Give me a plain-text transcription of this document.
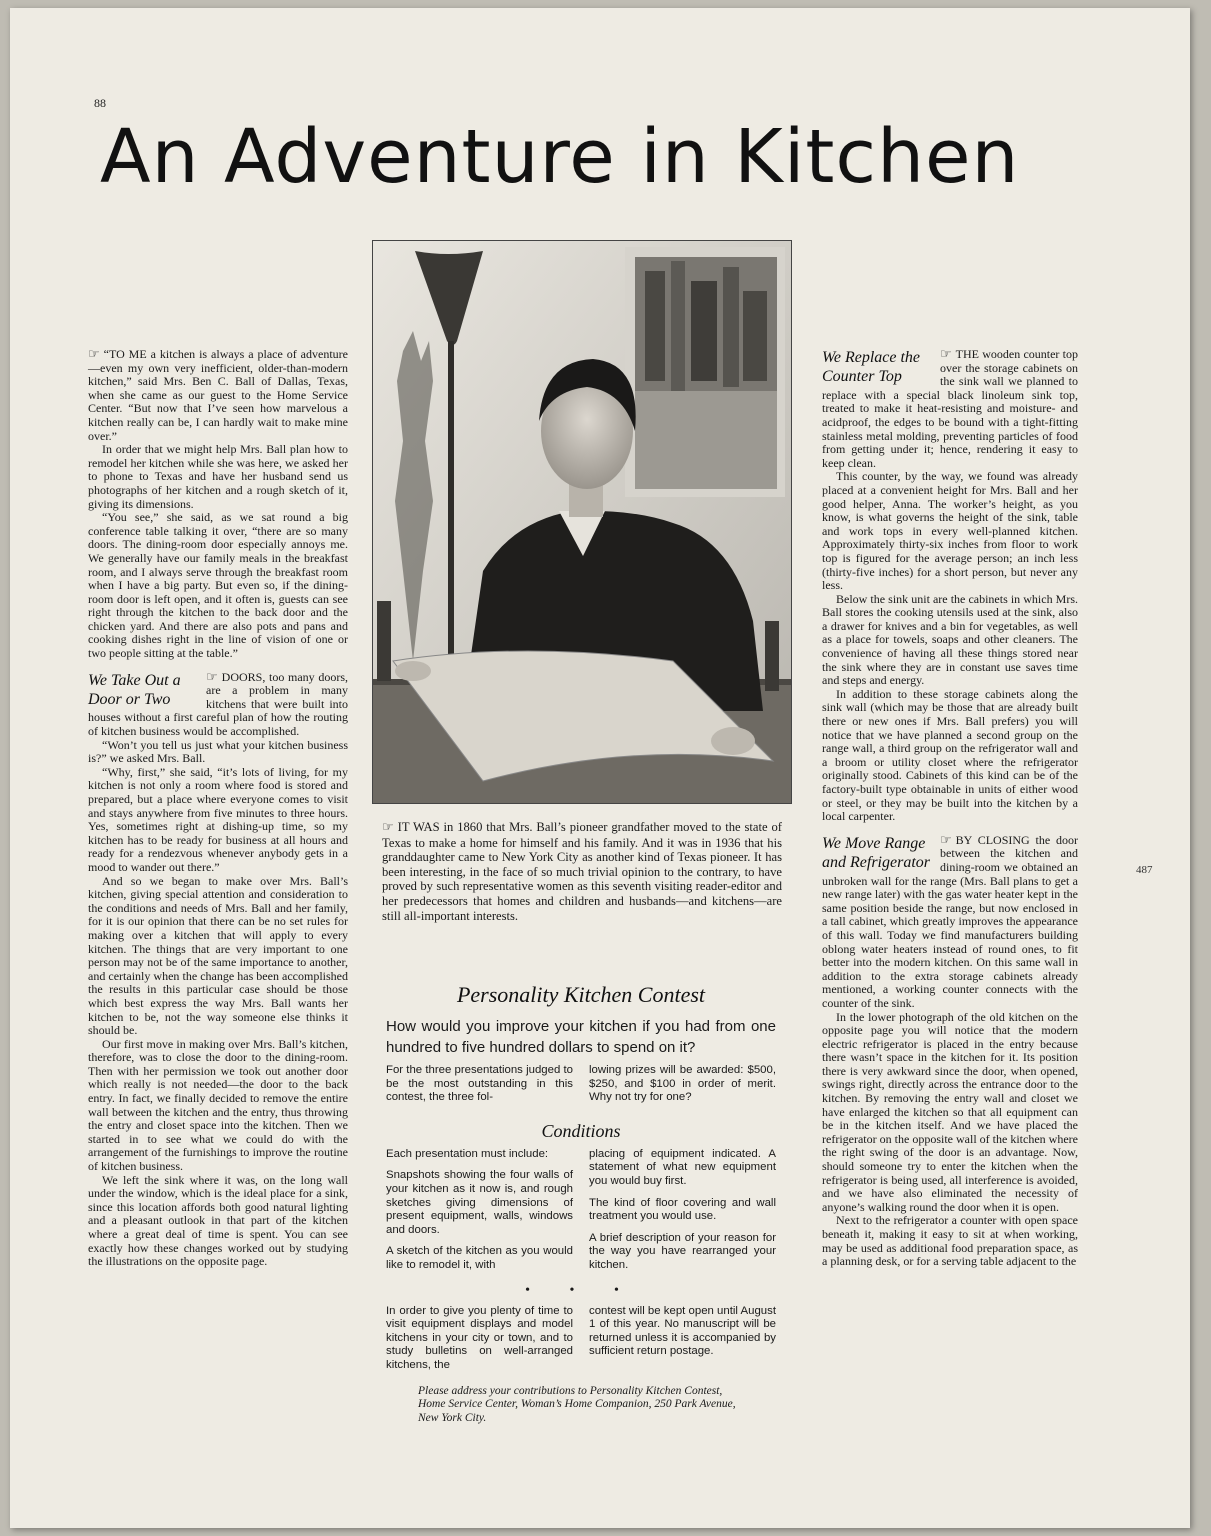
88
487

An Adventure in Kitchen

☞ “TO ME a kitchen is always a place of adventure—even my own very inefficient, older-than-modern kitchen,” said Mrs. Ben C. Ball of Dallas, Texas, when she came as our guest to the Home Service Center. “But now that I’ve seen how marvelous a kitchen really can be, I can hardly wait to make mine over.”

In order that we might help Mrs. Ball plan how to remodel her kitchen while she was here, we asked her to phone to Texas and have her husband send us photographs of her kitchen and a rough sketch of it, giving its dimensions.

“You see,” she said, as we sat round a big conference table talking it over, “there are so many doors. The dining-room door especially annoys me. We generally have our family meals in the breakfast room, and I always serve through the breakfast room when I have a big party. But even so, if the dining-room door is left open, and it often is, guests can see right through the kitchen to the back door and the chicken yard. And there are also pots and pans and cooking dishes right in the line of vision of one or two people sitting at the table.”

We Take Out a Door or Two

☞ DOORS, too many doors, are a problem in many kitchens that were built into houses without a first careful plan of how the routing of kitchen business would be accomplished.

“Won’t you tell us just what your kitchen business is?” we asked Mrs. Ball.

“Why, first,” she said, “it’s lots of living, for my kitchen is not only a room where food is stored and prepared, but a place where everyone comes to visit and stays anywhere from five minutes to three hours. Yes, sometimes right at dishing-up time, so my kitchen has to be ready for business at all hours and ready for a rendezvous whenever anybody gets in a mood to wander out there.”

And so we began to make over Mrs. Ball’s kitchen, giving special attention and consideration to the conditions and needs of Mrs. Ball and her family, for it is our opinion that there can be no set rules for making over a kitchen that will apply to every kitchen. The things that are very important to one person may not be of the same importance to another, and certainly when the change has been accomplished the results in this particular case should be those which best express the way Mrs. Ball wants her kitchen to be, not the way someone else thinks it should be.

Our first move in making over Mrs. Ball’s kitchen, therefore, was to close the door to the dining-room. Then with her permission we took out another door which really is not needed—the door to the back entry. In fact, we finally decided to remove the entire wall between the kitchen and the entry, thus throwing the entry and closet space into the kitchen. Then we started in to see what we could do with the arrangement of the furnishings to improve the routine of kitchen business.

We left the sink where it was, on the long wall under the window, which is the ideal place for a sink, since this location affords both good natural lighting and a pleasant outlook in that part of the kitchen where a great deal of time is spent. You can see exactly how these changes worked out by studying the illustrations on the opposite page.

☞ IT WAS in 1860 that Mrs. Ball’s pioneer grandfather moved to the state of Texas to make a home for himself and his family. And it was in 1936 that his granddaughter came to New York City as another kind of Texas pioneer. It has been interesting, in the face of so much trivial opinion to the contrary, to have proved by such representative women as this seventh visiting reader-editor and her predecessors that homes and children and husbands—and kitchens—are still all-important interests.

Personality Kitchen Contest
How would you improve your kitchen if you had from one hundred to five hundred dollars to spend on it?

For the three presentations judged to be the most outstanding in this contest, the three fol-

lowing prizes will be awarded: $500, $250, and $100 in order of merit. Why not try for one?

Conditions

Each presentation must include:

Snapshots showing the four walls of your kitchen as it now is, and rough sketches giving dimensions of present equipment, walls, windows and doors.

A sketch of the kitchen as you would like to remodel it, with

placing of equipment indicated. A statement of what new equipment you would buy first.

The kind of floor covering and wall treatment you would use.

A brief description of your reason for the way you have rearranged your kitchen.

• • •

In order to give you plenty of time to visit equipment displays and model kitchens in your city or town, and to study bulletins on well-arranged kitchens, the

contest will be kept open until August 1 of this year. No manuscript will be returned unless it is accompanied by sufficient return postage.

Please address your contributions to Personality Kitchen Contest, Home Service Center, Woman’s Home Companion, 250 Park Avenue, New York City.
We Replace the Counter Top

☞ THE wooden counter top over the storage cabinets on the sink wall we planned to replace with a special black linoleum sink top, treated to make it heat-resisting and moisture- and acidproof, the edges to be bound with a tight-fitting stainless metal molding, preventing particles of food from getting under it; hence, rendering it easy to keep clean.

This counter, by the way, we found was already placed at a convenient height for Mrs. Ball and her good helper, Anna. The worker’s height, as you know, is what governs the height of the sink, table and work tops in every well-planned kitchen. Approximately thirty-six inches from floor to work top is figured for the average person; an inch less (thirty-five inches) for a short person, but never any less.

Below the sink unit are the cabinets in which Mrs. Ball stores the cooking utensils used at the sink, also a drawer for knives and a bin for vegetables, as well as a place for towels, soaps and other cleaners. The convenience of having all these things stored near the sink where they are in constant use saves time and steps and energy.

In addition to these storage cabinets along the sink wall (which may be those that are already built there or new ones if Mrs. Ball prefers) you will notice that we have planned a second group on the range wall, a third group on the refrigerator wall and a broom or utility closet where the refrigerator originally stood. Cabinets of this kind can be of the factory-built type obtainable in units of either wood or steel, or they may be built into the kitchen by a local carpenter.

We Move Range and Refrigerator

☞ BY CLOSING the door between the kitchen and dining-room we obtained an unbroken wall for the range (Mrs. Ball plans to get a new range later) with the gas water heater kept in the same position beside the range, but now enclosed in a tall cabinet, which greatly improves the appearance of this wall. Today we find manufacturers building oblong water heaters instead of round ones, to fit better into the modern kitchen. On this same wall in addition to the extra storage cabinets already mentioned, a working counter connects with the counter of the sink.

In the lower photograph of the old kitchen on the opposite page you will notice that the modern electric refrigerator is placed in the entry because there wasn’t space in the kitchen for it. Its position there is very awkward since the door, when opened, swings right, directly across the entrance door to the kitchen. By removing the entry wall and closet we have enlarged the kitchen so that all equipment can be in the kitchen itself. And we have placed the refrigerator on the opposite wall of the kitchen where the right swing of the door is an advantage. Now, should someone try to enter the kitchen when the refrigerator is being used, all interference is avoided, and we have also eliminated the necessity of anyone’s walking round the door when it is open.

Next to the refrigerator a counter with open space beneath it, making it easy to sit at when working, may be used as additional food preparation space, as a planning desk, or for a serving table adjacent to the
